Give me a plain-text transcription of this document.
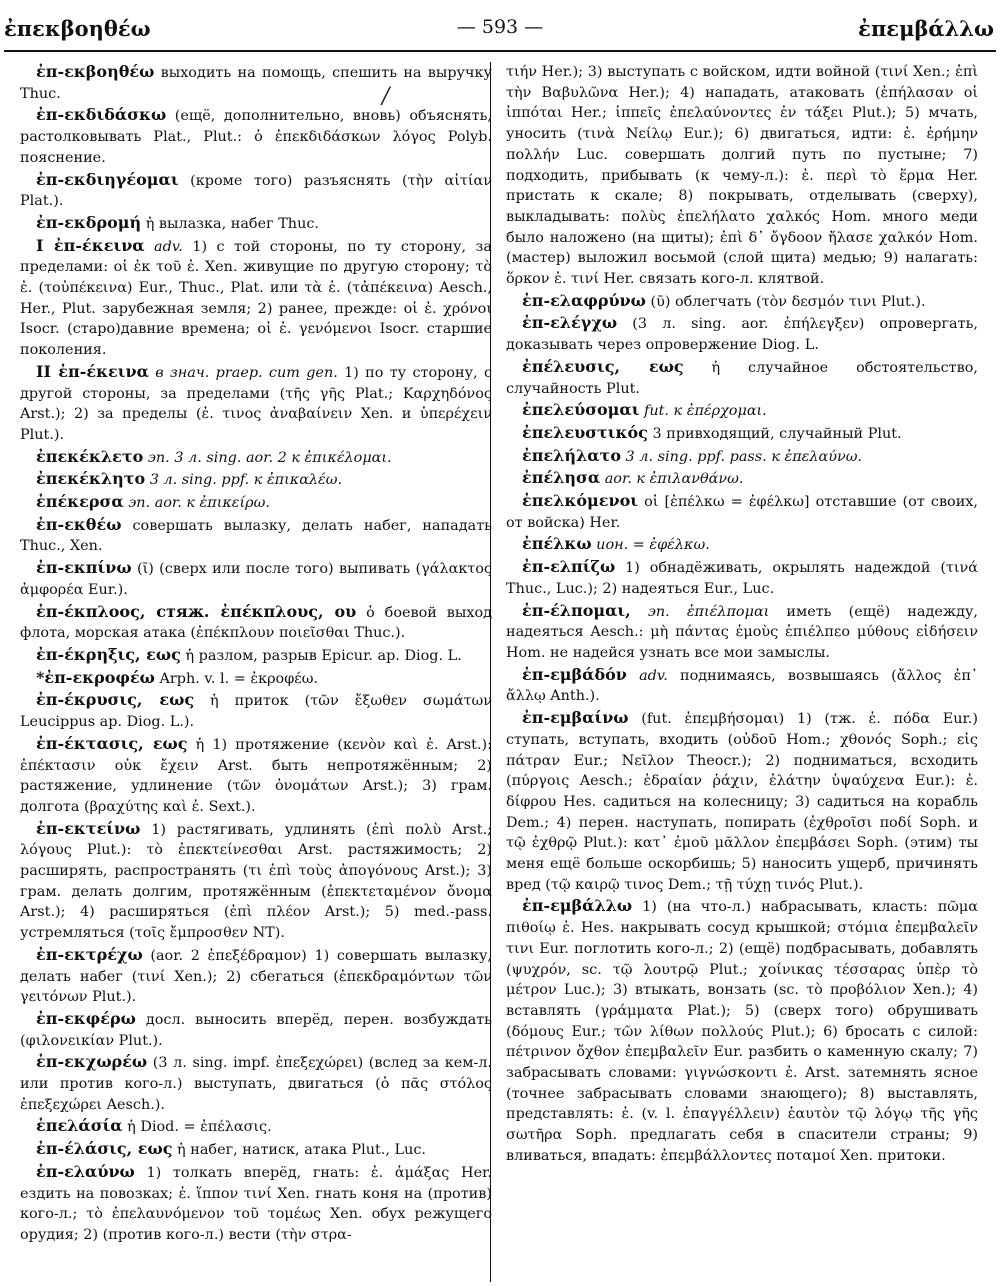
— 593 —
ἐπεκβοηθέω	ἐπεμβάλλω
/

ἐπ-εκβοηθέω выходить на помощь, спешить на выручку Thuc.

ἐπ-εκδιδάσκω (ещё, дополнительно, вновь) объяснять, растолковывать Plat., Plut.: ὁ ἐπεκδιδάσκων λόγος Polyb. пояснение.

ἐπ-εκδιηγέομαι (кроме того) разъяснять (τὴν αἰτίαν Plat.).

ἐπ-εκδρομή ἡ вылазка, набег Thuc.

I ἐπ-έκεινα adv. 1) с той стороны, по ту сторону, за пределами: οἱ ἐκ τοῦ ἐ. Xen. живущие по другую сторону; τὸ ἐ. (τοὐπέκεινα) Eur., Thuc., Plat. или τὰ ἐ. (τἀπέκεινα) Aesch., Her., Plut. зарубежная земля; 2) ранее, прежде: οἱ ἐ. χρόνοι Isocr. (старо)давние времена; οἱ ἐ. γενόμενοι Isocr. старшие поколения.

II ἐπ-έκεινα в знач. praep. cum gen. 1) по ту сторону, с другой стороны, за пределами (τῆς γῆς Plat.; Καρχηδόνος Arst.); 2) за пределы (ἐ. τινος ἀναβαίνειν Xen. и ὑπερέχειν Plut.).

ἐπεκέκλετο эп. 3 л. sing. aor. 2 к ἐπικέλομαι.

ἐπεκέκλητο 3 л. sing. ppf. к ἐπικαλέω.

ἐπέκερσα эп. aor. к ἐπικείρω.

ἐπ-εκθέω совершать вылазку, делать набег, нападать Thuc., Xen.

ἐπ-εκπίνω (ῑ) (сверх или после того) выпивать (γάλακτος ἀμφορέα Eur.).

ἐπ-έκπλοος, стяж. ἐπέκπλους, ου ὁ боевой выход флота, морская атака (ἐπέκπλουν ποιεῖσθαι Thuc.).

ἐπ-έκρηξις, εως ἡ разлом, разрыв Epicur. ap. Diog. L.

*ἐπ-εκροφέω Arph. v. l. = ἐκροφέω.

ἐπ-έκρυσις, εως ἡ приток (τῶν ἔξωθεν σωμάτων Leucippus ap. Diog. L.).

ἐπ-έκτασις, εως ἡ 1) протяжение (κενὸν καὶ ἐ. Arst.): ἐπέκτασιν οὐκ ἔχειν Arst. быть непротяжённым; 2) растяжение, удлинение (τῶν ὀνομάτων Arst.); 3) грам. долгота (βραχύτης καὶ ἐ. Sext.).

ἐπ-εκτείνω 1) растягивать, удлинять (ἐπὶ πολὺ Arst.; λόγους Plut.): τὸ ἐπεκτείνεσθαι Arst. растяжимость; 2) расширять, распространять (τι ἐπὶ τοὺς ἀπογόνους Arst.); 3) грам. делать долгим, протяжённым (ἐπεκτεταμένον ὄνομα Arst.); 4) расширяться (ἐπὶ πλέον Arst.); 5) med.-pass. устремляться (τοῖς ἔμπροσθεν NT).

ἐπ-εκτρέχω (aor. 2 ἐπεξέδραμον) 1) совершать вылазку, делать набег (τινί Xen.); 2) сбегаться (ἐπεκδραμόντων τῶν γειτόνων Plut.).

ἐπ-εκφέρω досл. выносить вперёд, перен. возбуждать (φιλονεικίαν Plut.).

ἐπ-εκχωρέω (3 л. sing. impf. ἐπεξεχώρει) (вслед за кем-л. или против кого-л.) выступать, двигаться (ὁ πᾶς στόλος ἐπεξεχώρει Aesch.).

ἐπελάσία ἡ Diod. = ἐπέλασις.

ἐπ-έλάσις, εως ἡ набег, натиск, атака Plut., Luc.

ἐπ-ελαύνω 1) толкать вперёд, гнать: ἐ. ἁμάξας Her. ездить на повозках; ἐ. ἵππον τινί Xen. гнать коня на (против) кого-л.; τὸ ἐπελαυνόμενον τοῦ τομέως Xen. обух режущего орудия; 2) (против кого-л.) вести (τὴν στρα-

τιήν Her.); 3) выступать с войском, идти войной (τινί Xen.; ἐπὶ τὴν Βαβυλῶνα Her.); 4) нападать, атаковать (ἐπήλασαν οἱ ἱππόται Her.; ἱππεῖς ἐπελαύνοντες ἐν τάξει Plut.); 5) мчать, уносить (τινὰ Νείλῳ Eur.); 6) двигаться, идти: ἐ. ἐρήμην πολλήν Luc. совершать долгий путь по пустыне; 7) подходить, прибывать (к чему-л.): ἐ. περὶ τὸ ἕρμα Her. пристать к скале; 8) покрывать, отделывать (сверху), выкладывать: πολὺς ἐπελήλατο χαλκός Hom. много меди было наложено (на щиты); ἐπὶ δ᾽ ὄγδοον ἤλασε χαλκόν Hom. (мастер) выложил восьмой (слой щита) медью; 9) налагать: ὅρκον ἐ. τινί Her. связать кого-л. клятвой.

ἐπ-ελαφρύνω (ῡ) облегчать (τὸν δεσμόν τινι Plut.).

ἐπ-ελέγχω (3 л. sing. aor. ἐπήλεγξεν) опровергать, доказывать через опровержение Diog. L.

ἐπέλευσις, εως ἡ случайное обстоятельство, случайность Plut.

ἐπελεύσομαι fut. к ἐπέρχομαι.

ἐπελευστικός 3 привходящий, случайный Plut.

ἐπελήλατο 3 л. sing. ppf. pass. к ἐπελαύνω.

ἐπέλησα aor. к ἐπιλανθάνω.

ἐπελκόμενοι οἱ [ἐπέλκω = ἐφέλκω] отставшие (от своих, от войска) Her.

ἐπέλκω ион. = ἐφέλκω.

ἐπ-ελπίζω 1) обнадёживать, окрылять надеждой (τινά Thuc., Luc.); 2) надеяться Eur., Luc.

ἐπ-έλπομαι, эп. ἐπιέλπομαι иметь (ещё) надежду, надеяться Aesch.: μὴ πάντας ἐμοὺς ἐπιέλπεο μύθους εἰδήσειν Hom. не надейся узнать все мои замыслы.

ἐπ-εμβάδόν adv. поднимаясь, возвышаясь (ἄλλος ἐπ᾽ ἄλλῳ Anth.).

ἐπ-εμβαίνω (fut. ἐπεμβήσομαι) 1) (тж. ἐ. πόδα Eur.) ступать, вступать, входить (οὐδοῦ Hom.; χθονός Soph.; εἰς πάτραν Eur.; Νεῖλον Theocr.); 2) подниматься, всходить (πύργοις Aesch.; ἑδραίαν ῥάχιν, ἐλάτην ὑψαύχενα Eur.): ἐ. δίφρου Hes. садиться на колесницу; 3) садиться на корабль Dem.; 4) перен. наступать, попирать (ἐχθροῖσι ποδί Soph. и τῷ ἐχθρῷ Plut.): κατ᾽ ἐμοῦ μᾶλλον ἐπεμβάσει Soph. (этим) ты меня ещё больше оскорбишь; 5) наносить ущерб, причинять вред (τῷ καιρῷ τινος Dem.; τῇ τύχῃ τινός Plut.).

ἐπ-εμβάλλω 1) (на что-л.) набрасывать, класть: πῶμα πιθοίῳ ἐ. Hes. накрывать сосуд крышкой; στόμια ἐπεμβαλεῖν τινι Eur. поглотить кого-л.; 2) (ещё) подбрасывать, добавлять (ψυχρόν, sc. τῷ λουτρῷ Plut.; χοίνικας τέσσαρας ὑπὲρ τὸ μέτρον Luc.); 3) втыкать, вонзать (sc. τὸ προβόλιον Xen.); 4) вставлять (γράμματα Plat.); 5) (сверх того) обрушивать (δόμους Eur.; τῶν λίθων πολλούς Plut.); 6) бросать с силой: πέτρινον ὄχθον ἐπεμβαλεῖν Eur. разбить о каменную скалу; 7) забрасывать словами: γιγνώσκοντι ἐ. Arst. затемнять ясное (точнее забрасывать словами знающего); 8) выставлять, представлять: ἐ. (v. l. ἐπαγγέλλειν) ἑαυτὸν τῷ λόγῳ τῆς γῆς σωτῆρα Soph. предлагать себя в спасители страны; 9) вливаться, впадать: ἐπεμβάλλοντες ποταμοί Xen. притоки.
